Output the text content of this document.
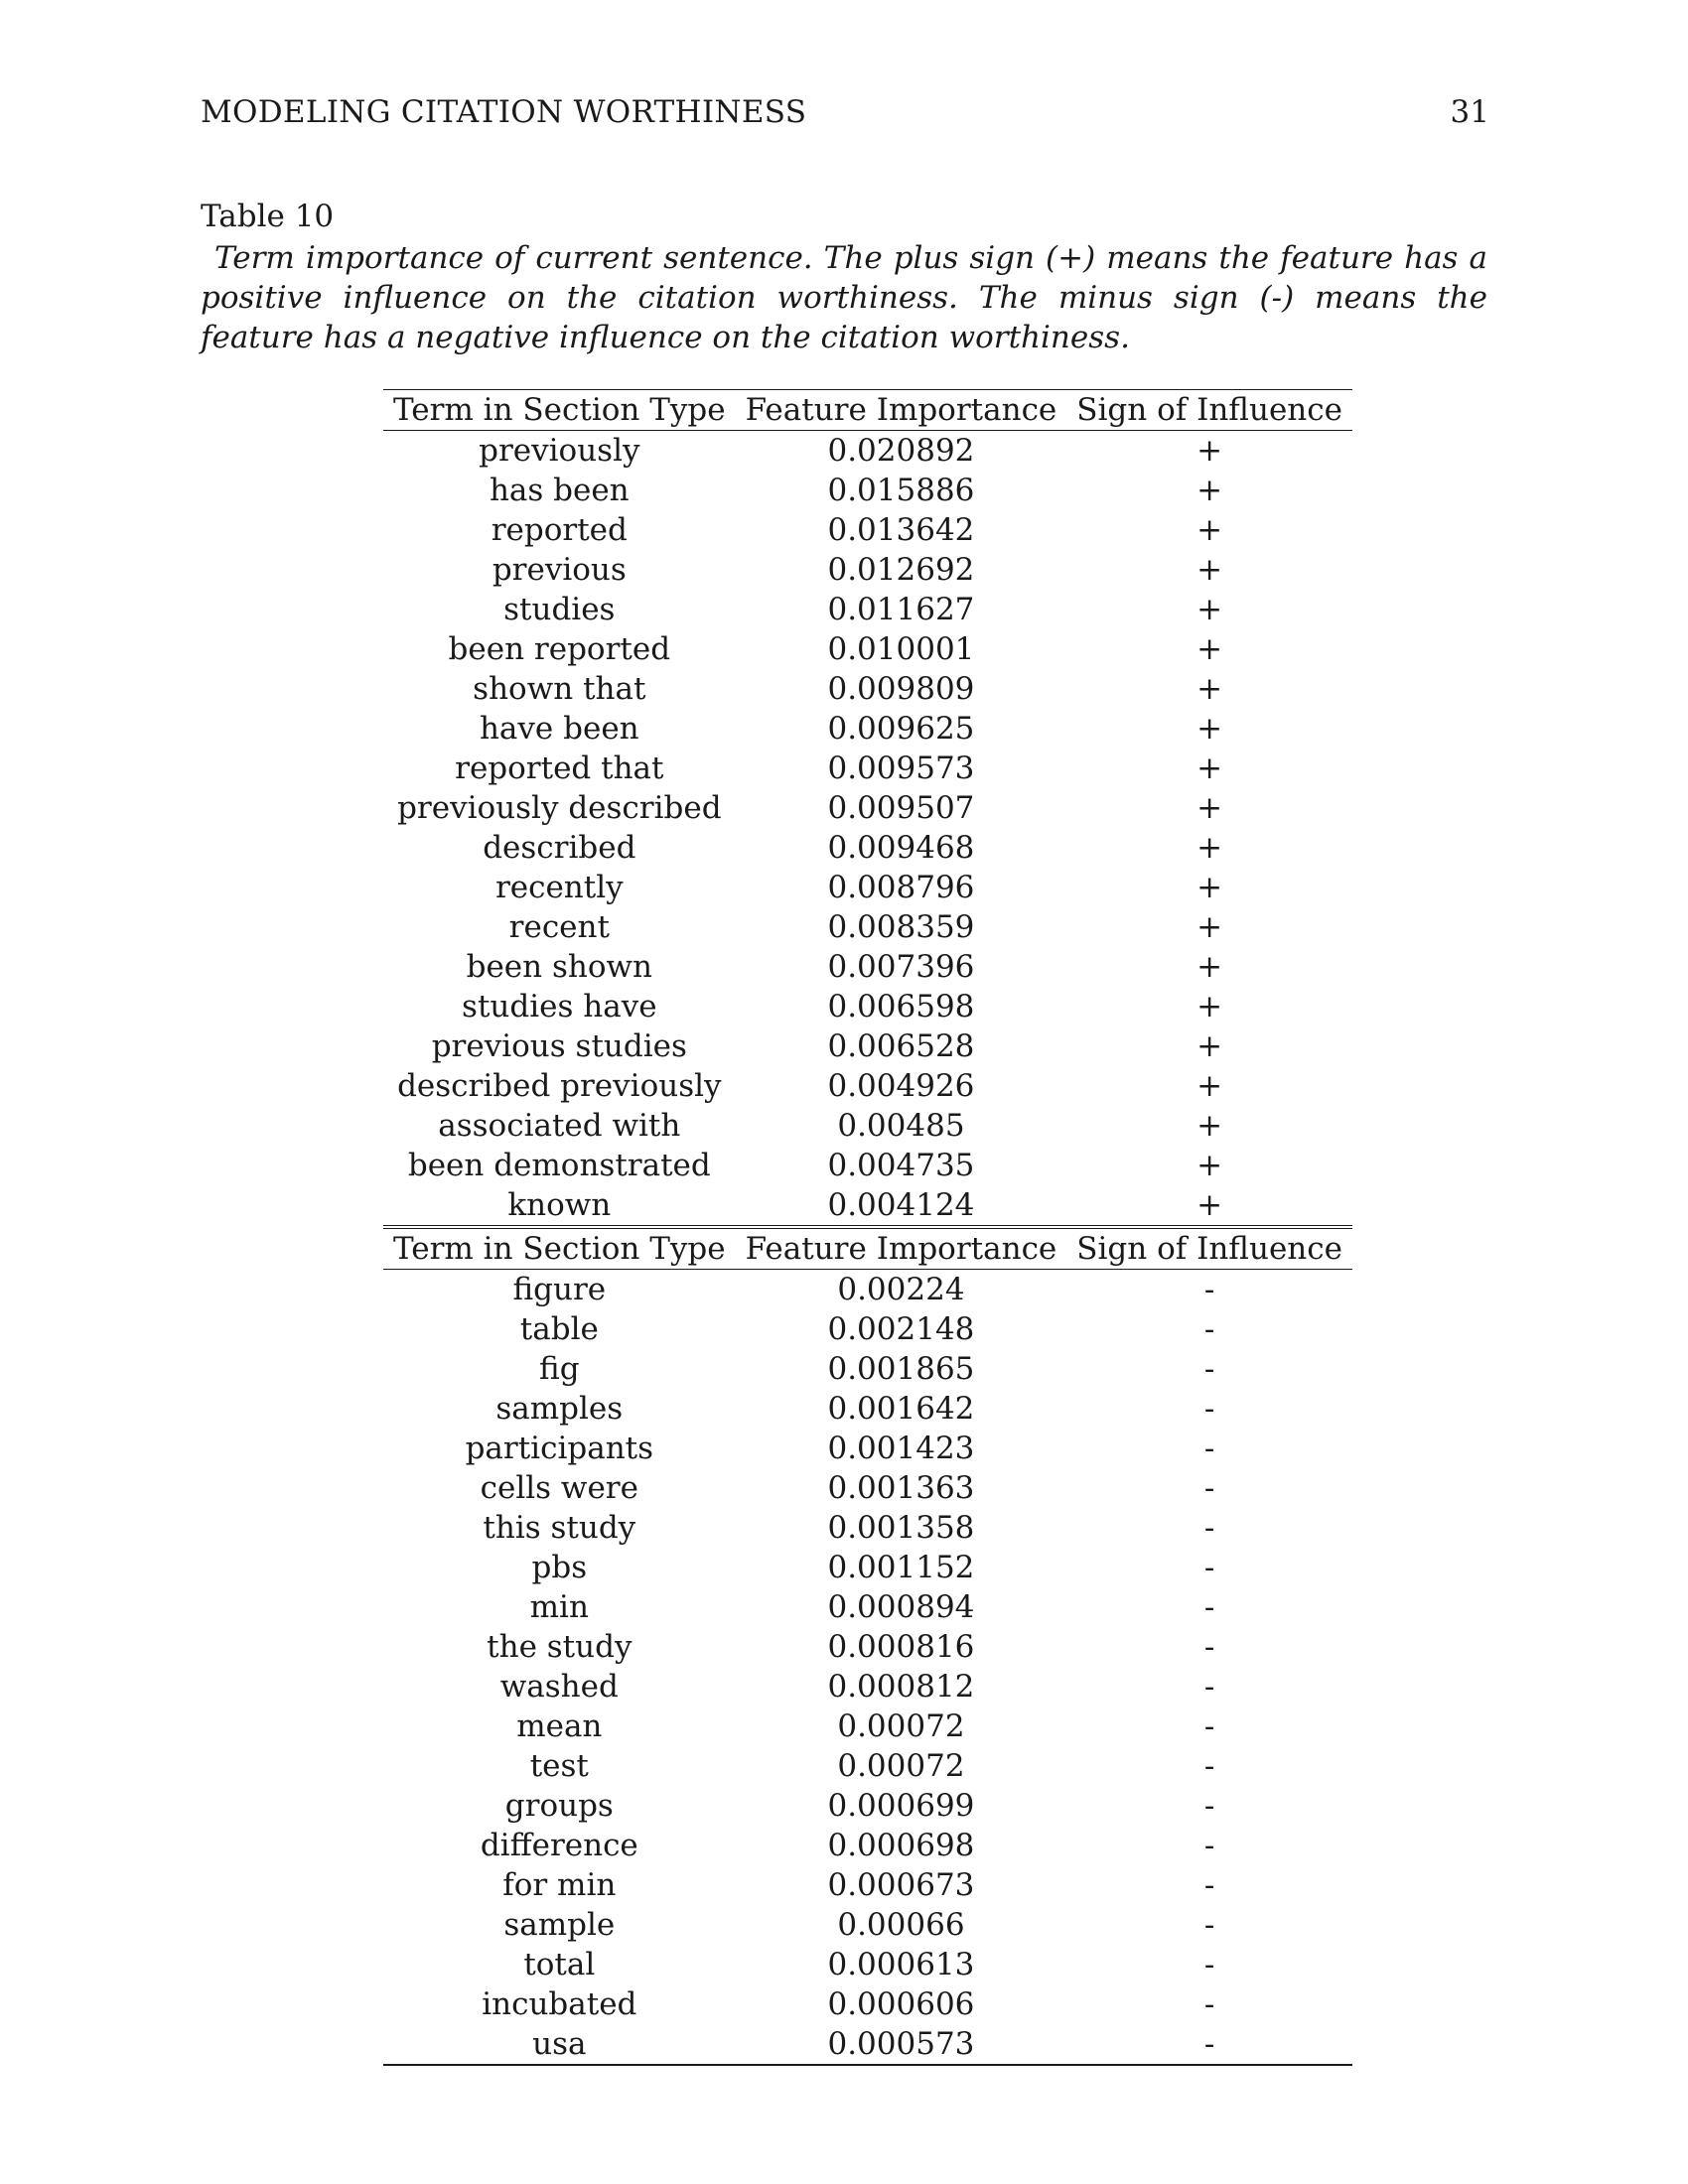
MODELING CITATION WORTHINESS	31
Table 10
Term importance of current sentence. The plus sign (+) means the feature has a positive influence on the citation worthiness. The minus sign (-) means the feature has a negative influence on the citation worthiness.
Term in Section Type	Feature Importance	Sign of Influence
previously	0.020892	+
has been	0.015886	+
reported	0.013642	+
previous	0.012692	+
studies	0.011627	+
been reported	0.010001	+
shown that	0.009809	+
have been	0.009625	+
reported that	0.009573	+
previously described	0.009507	+
described	0.009468	+
recently	0.008796	+
recent	0.008359	+
been shown	0.007396	+
studies have	0.006598	+
previous studies	0.006528	+
described previously	0.004926	+
associated with	0.00485	+
been demonstrated	0.004735	+
known	0.004124	+
Term in Section Type	Feature Importance	Sign of Influence
figure	0.00224	-
table	0.002148	-
fig	0.001865	-
samples	0.001642	-
participants	0.001423	-
cells were	0.001363	-
this study	0.001358	-
pbs	0.001152	-
min	0.000894	-
the study	0.000816	-
washed	0.000812	-
mean	0.00072	-
test	0.00072	-
groups	0.000699	-
difference	0.000698	-
for min	0.000673	-
sample	0.00066	-
total	0.000613	-
incubated	0.000606	-
usa	0.000573	-
